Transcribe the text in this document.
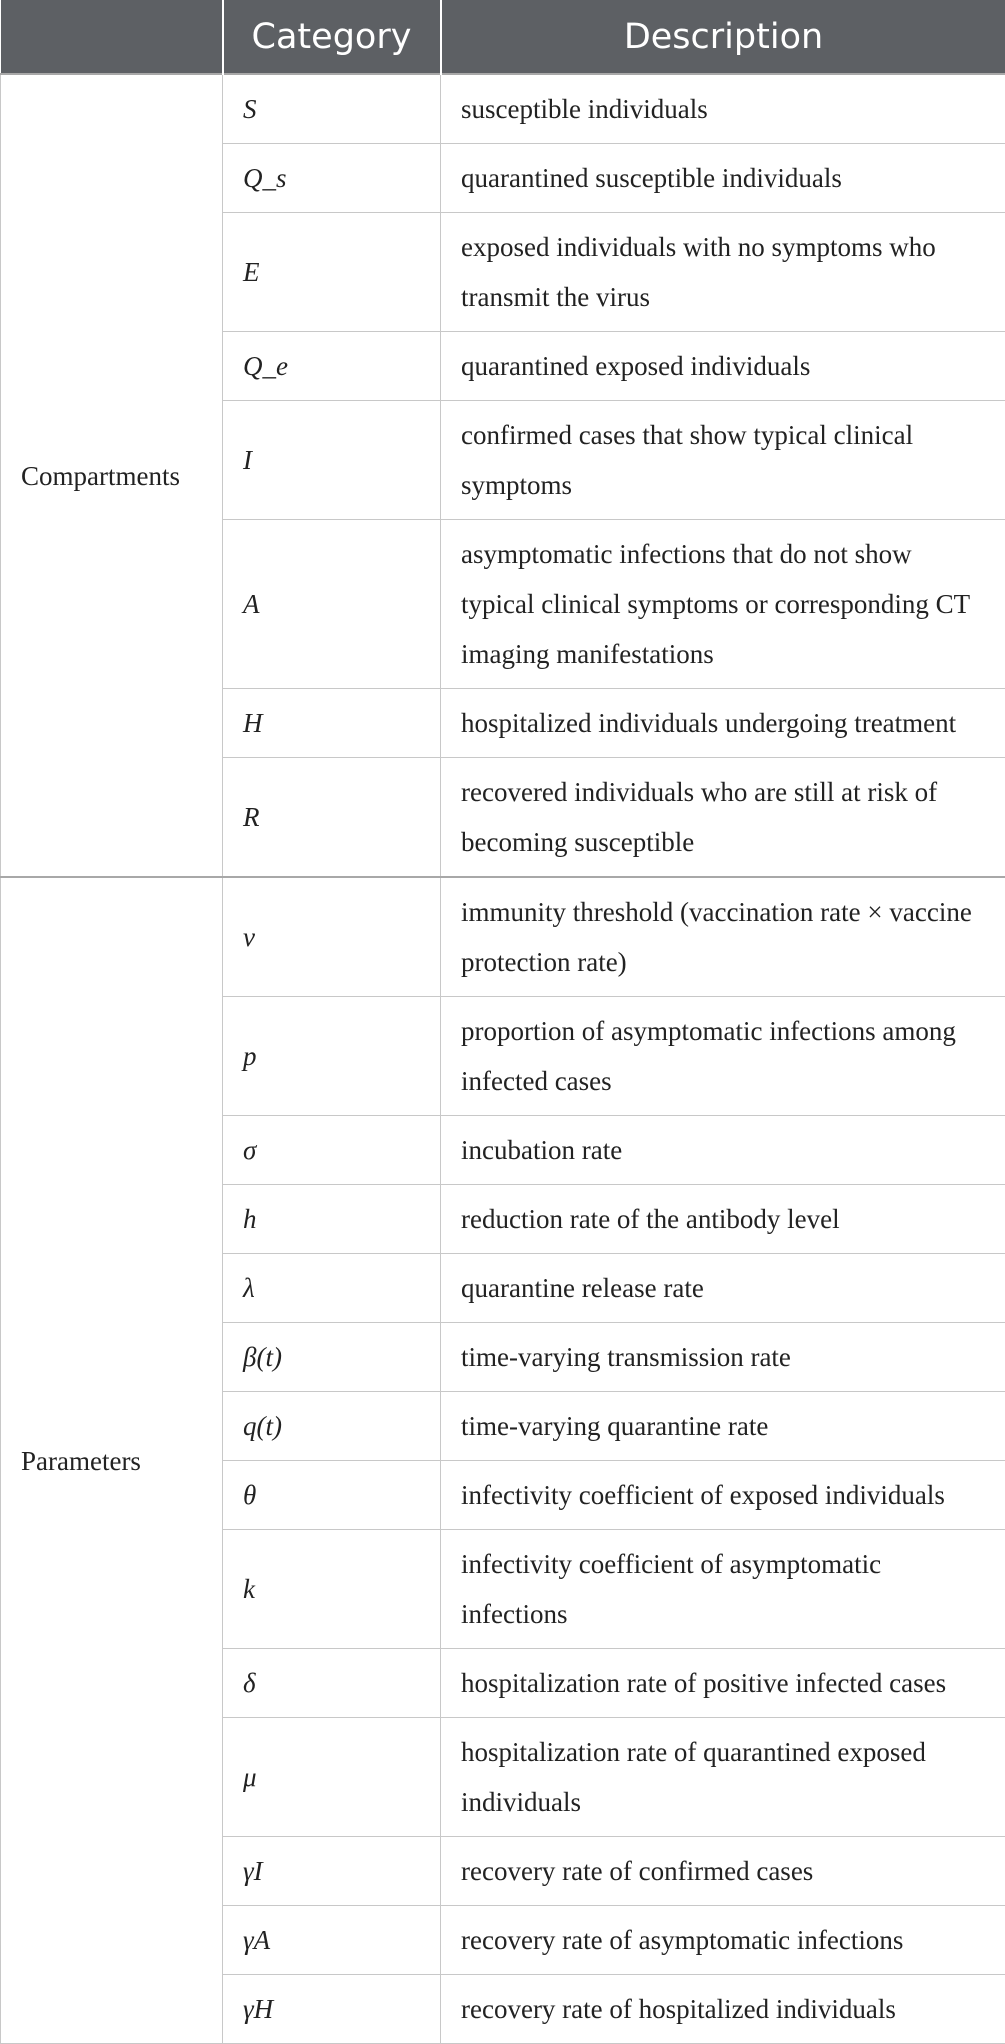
	Category	Description
Compartments	S	susceptible individuals
	Q_s	quarantined susceptible individuals
	E	exposed individuals with no symptoms who transmit the virus
	Q_e	quarantined exposed individuals
	I	confirmed cases that show typical clinical symptoms
	A	asymptomatic infections that do not show typical clinical symptoms or corresponding CT imaging manifestations
	H	hospitalized individuals undergoing treatment
	R	recovered individuals who are still at risk of becoming susceptible
Parameters	v	immunity threshold (vaccination rate × vaccine protection rate)
	p	proportion of asymptomatic infections among infected cases
	σ	incubation rate
	h	reduction rate of the antibody level
	λ	quarantine release rate
	β(t)	time-varying transmission rate
	q(t)	time-varying quarantine rate
	θ	infectivity coefficient of exposed individuals
	k	infectivity coefficient of asymptomatic infections
	δ	hospitalization rate of positive infected cases
	μ	hospitalization rate of quarantined exposed individuals
	γI	recovery rate of confirmed cases
	γA	recovery rate of asymptomatic infections
	γH	recovery rate of hospitalized individuals
